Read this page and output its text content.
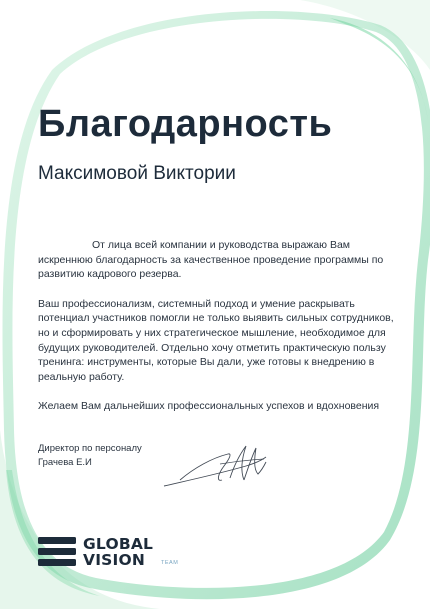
Благодарность
Максимовой Виктории

От лица всей компании и руководства выражаю Вам искреннюю благодарность за качественное проведение программы по развитию кадрового резерва.

Ваш профессионализм, системный подход и умение раскрывать потенциал участников помогли не только выявить сильных сотрудников, но и сформировать у них стратегическое мышление, необходимое для будущих руководителей. Отдельно хочу отметить практическую пользу тренинга: инструменты, которые Вы дали, уже готовы к внедрению в реальную работу.

Желаем Вам дальнейших профессиональных успехов и вдохновения

Директор по персоналу
Грачева Е.И
GLOBAL
VISION	TEAM
